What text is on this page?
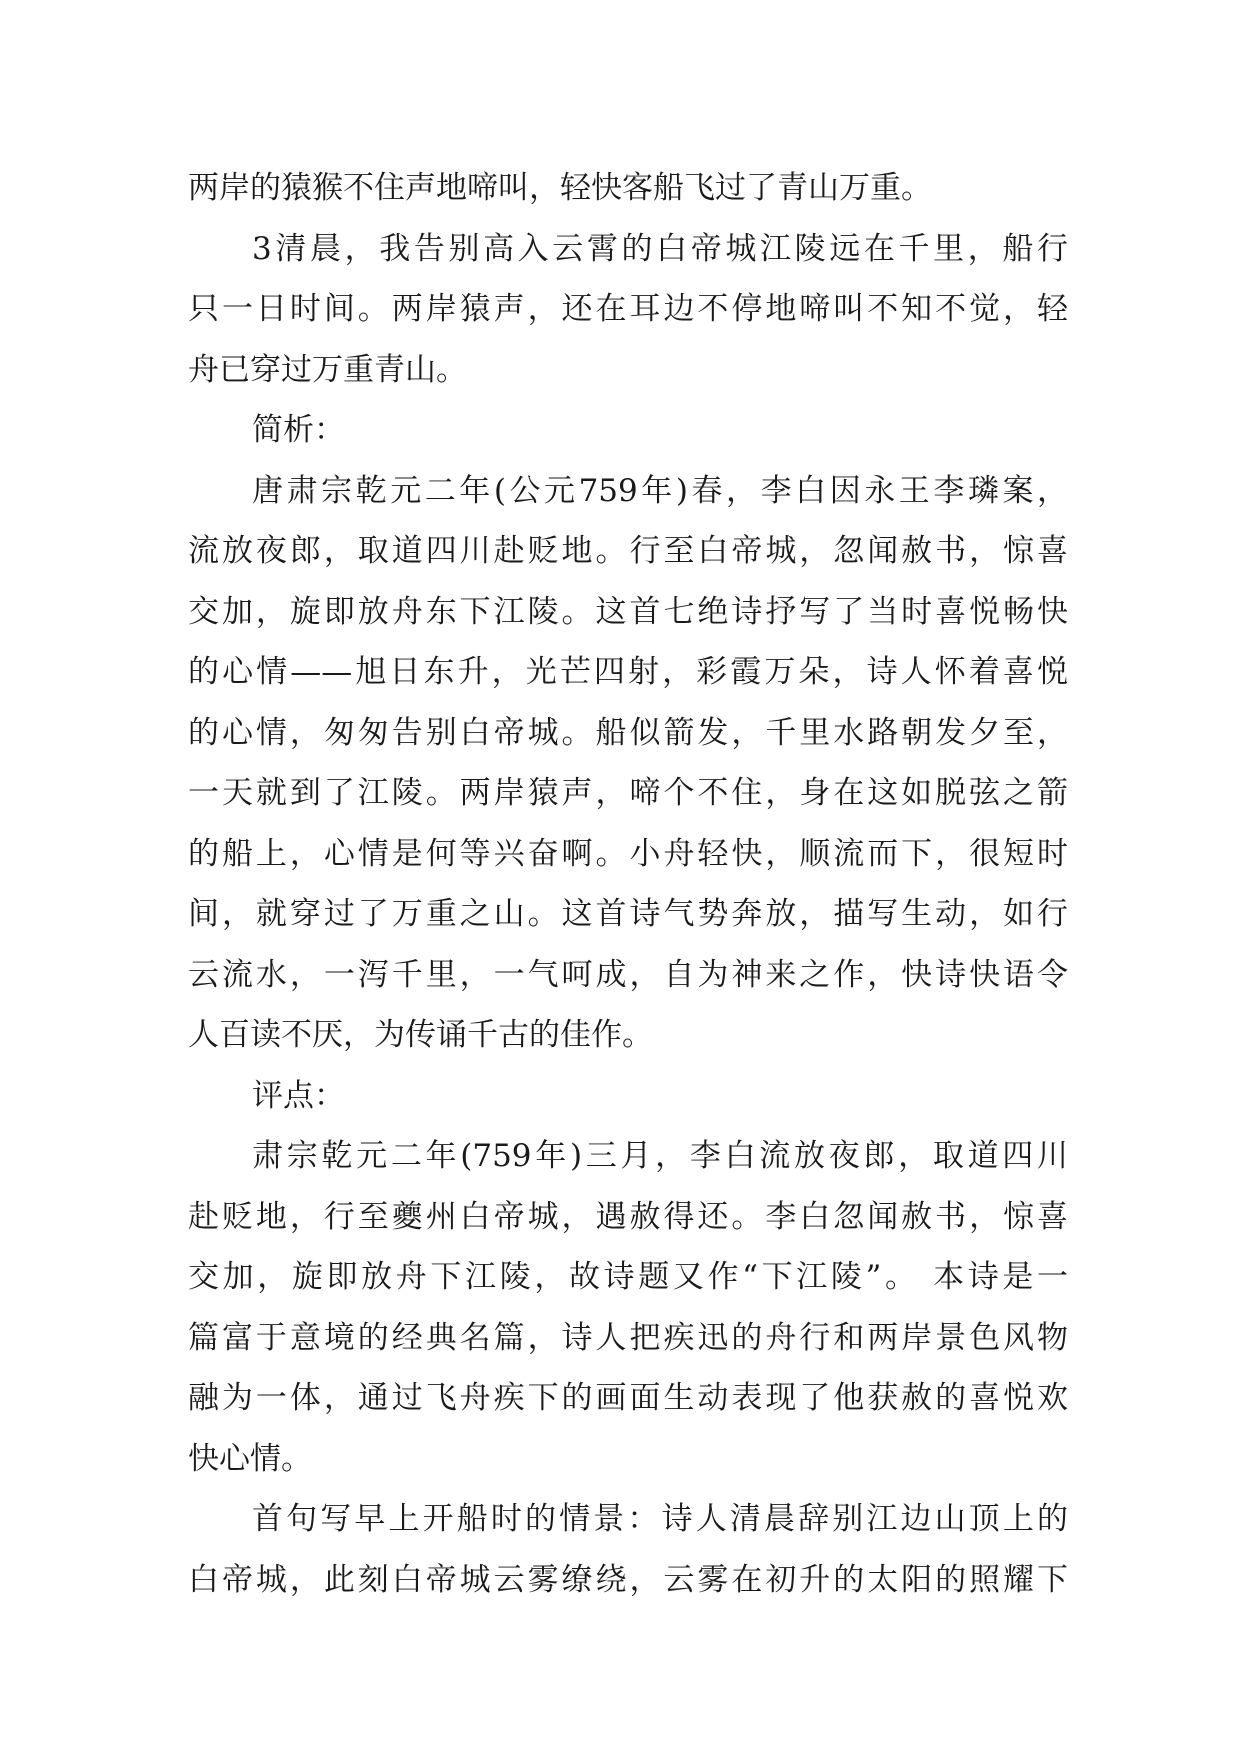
两岸的猿猴不住声地啼叫，轻快客船飞过了青山万重。
3清晨，我告别高入云霄的白帝城江陵远在千里，船行
只一日时间。两岸猿声，还在耳边不停地啼叫不知不觉，轻
舟已穿过万重青山。
简析：
唐肃宗乾元二年(公元759年)春，李白因永王李璘案，
流放夜郎，取道四川赴贬地。行至白帝城，忽闻赦书，惊喜
交加，旋即放舟东下江陵。这首七绝诗抒写了当时喜悦畅快
的心情——旭日东升，光芒四射，彩霞万朵，诗人怀着喜悦
的心情，匆匆告别白帝城。船似箭发，千里水路朝发夕至，
一天就到了江陵。两岸猿声，啼个不住，身在这如脱弦之箭
的船上，心情是何等兴奋啊。小舟轻快，顺流而下，很短时
间，就穿过了万重之山。这首诗气势奔放，描写生动，如行
云流水，一泻千里，一气呵成，自为神来之作，快诗快语令
人百读不厌，为传诵千古的佳作。
评点：
肃宗乾元二年(759年)三月，李白流放夜郎，取道四川
赴贬地，行至夔州白帝城，遇赦得还。李白忽闻赦书，惊喜
交加，旋即放舟下江陵，故诗题又作“下江陵”。 本诗是一
篇富于意境的经典名篇，诗人把疾迅的舟行和两岸景色风物
融为一体，通过飞舟疾下的画面生动表现了他获赦的喜悦欢
快心情。
首句写早上开船时的情景：诗人清晨辞别江边山顶上的
白帝城，此刻白帝城云雾缭绕，云雾在初升的太阳的照耀下
